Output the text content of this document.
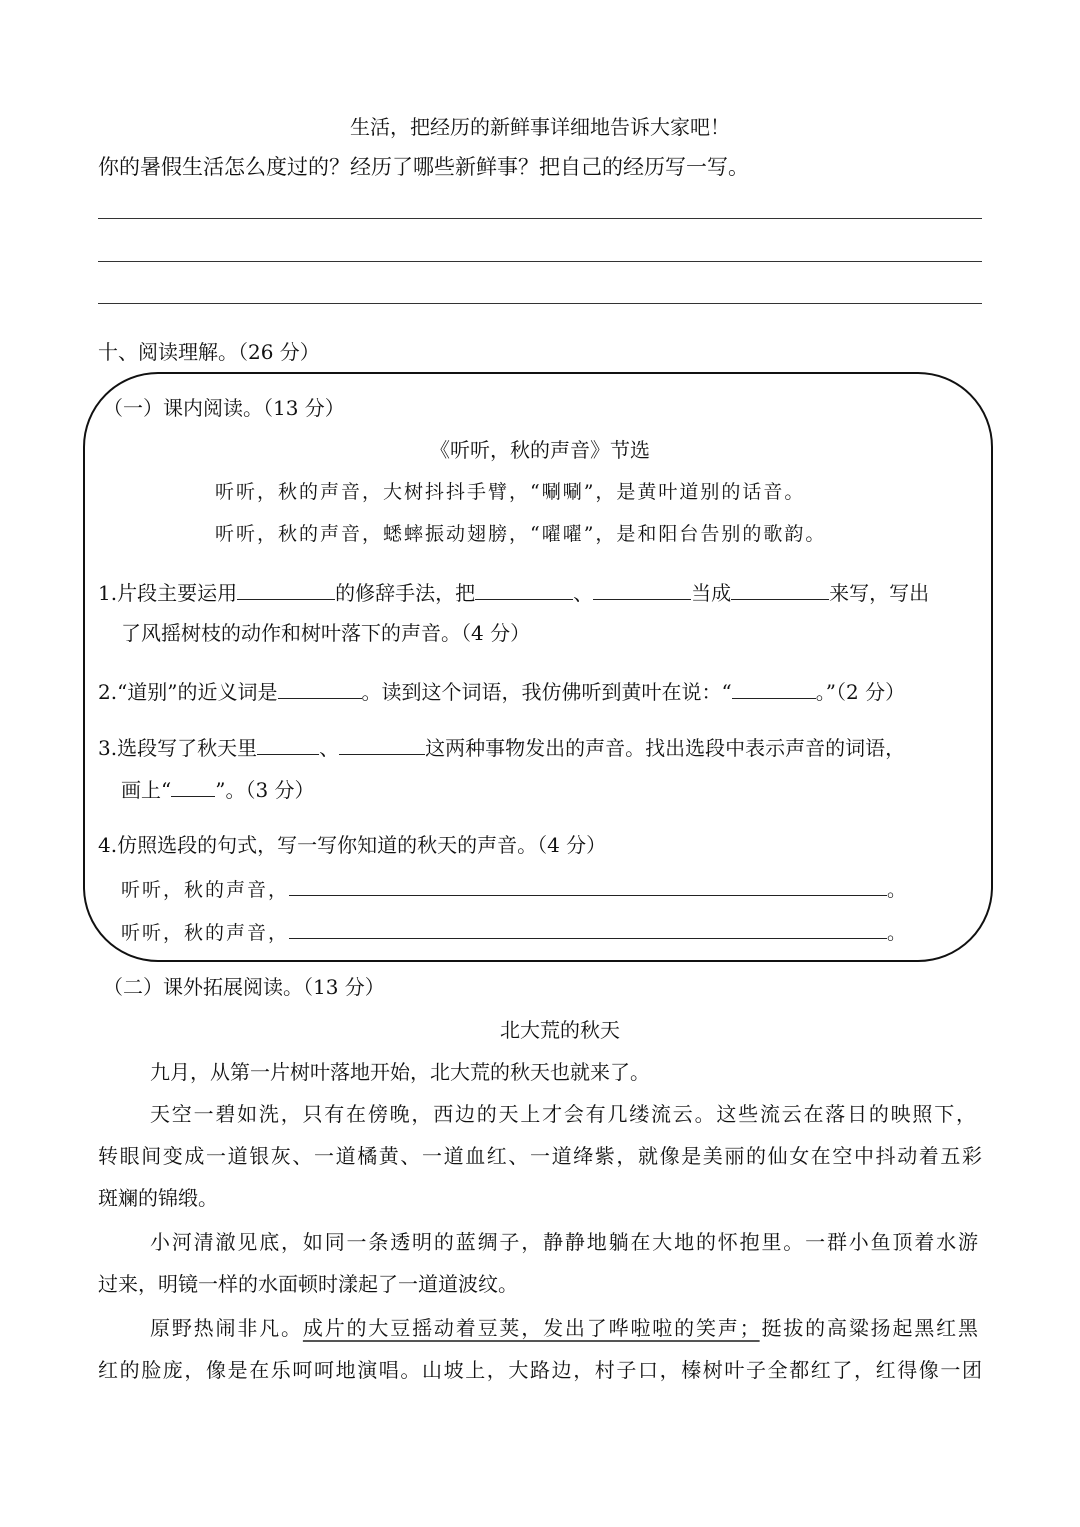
生活，把经历的新鲜事详细地告诉大家吧！
你的暑假生活怎么度过的？经历了哪些新鲜事？把自己的经历写一写。
十、阅读理解。（26 分）
（一）课内阅读。（13 分）
《听听，秋的声音》节选
听听，秋的声音，大树抖抖手臂，“唰唰”，是黄叶道别的话音。
听听，秋的声音，蟋蟀振动翅膀，“嚁嚁”，是和阳台告别的歌韵。
1.片段主要运用	的修辞手法，把	、	当成	来写，写出
了风摇树枝的动作和树叶落下的声音。（4 分）
2.“道别”的近义词是	。读到这个词语，我仿佛听到黄叶在说：“	。”（2 分）
3.选段写了秋天里	、	这两种事物发出的声音。找出选段中表示声音的词语，
画上“ ”。（3 分）
4.仿照选段的句式，写一写你知道的秋天的声音。（4 分）
听听，秋的声音，	。
听听，秋的声音，	。
（二）课外拓展阅读。（13 分）
北大荒的秋天
九月，从第一片树叶落地开始，北大荒的秋天也就来了。
天空一碧如洗，只有在傍晚，西边的天上才会有几缕流云。这些流云在落日的映照下，
转眼间变成一道银灰、一道橘黄、一道血红、一道绛紫，就像是美丽的仙女在空中抖动着五彩
斑斓的锦缎。
小河清澈见底，如同一条透明的蓝绸子，静静地躺在大地的怀抱里。一群小鱼顶着水游
过来，明镜一样的水面顿时漾起了一道道波纹。
原野热闹非凡。成片的大豆摇动着豆荚，发出了哗啦啦的笑声；挺拔的高粱扬起黑红黑
红的脸庞，像是在乐呵呵地演唱。山坡上，大路边，村子口，榛树叶子全都红了，红得像一团
